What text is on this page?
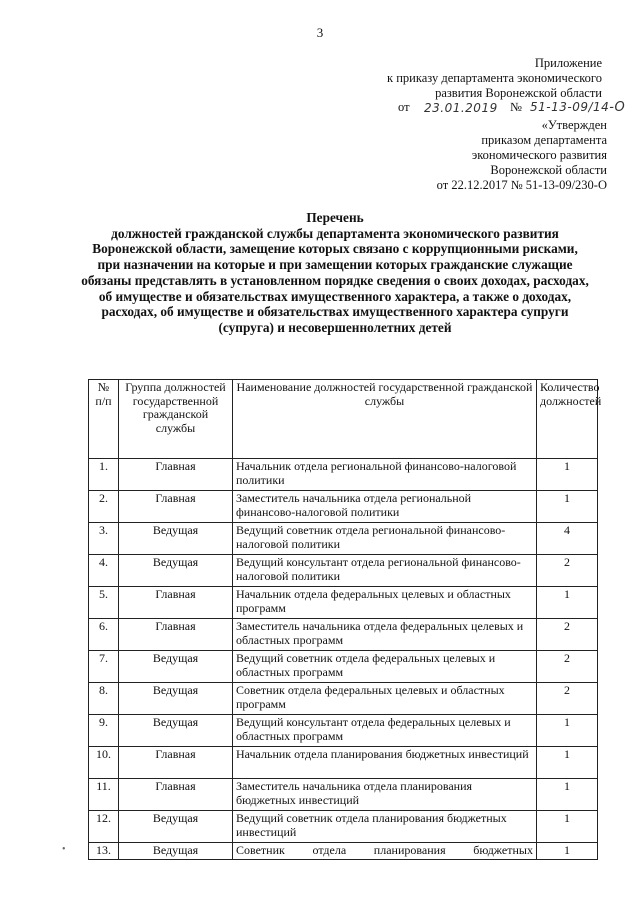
3
Приложение
к приказу департамента экономического
развития Воронежской области
от 23.01.2019 № 51-13-09/14-О
«Утвержден
приказом департамента
экономического развития
Воронежской области
от 22.12.2017 № 51-13-09/230-О
Перечень
должностей гражданской службы департамента экономического развития Воронежской области, замещение которых связано с коррупционными рисками, при назначении на которые и при замещении которых гражданские служащие обязаны представлять в установленном порядке сведения о своих доходах, расходах, об имуществе и обязательствах имущественного характера, а также о доходах, расходах, об имуществе и обязательствах имущественного характера супруги (супруга) и несовершеннолетних детей
№ п/п	Группа должностей государственной гражданской службы	Наименование должностей государственной гражданской службы	Количество должностей
1.	Главная	Начальник отдела региональной финансово-налоговой политики	1
2.	Главная	Заместитель начальника отдела региональной финансово-налоговой политики	1
3.	Ведущая	Ведущий советник отдела региональной финансово-налоговой политики	4
4.	Ведущая	Ведущий консультант отдела региональной финансово-налоговой политики	2
5.	Главная	Начальник отдела федеральных целевых и областных программ	1
6.	Главная	Заместитель начальника отдела федеральных целевых и областных программ	2
7.	Ведущая	Ведущий советник отдела федеральных целевых и областных программ	2
8.	Ведущая	Советник отдела федеральных целевых и областных программ	2
9.	Ведущая	Ведущий консультант отдела федеральных целевых и областных программ	1
10.	Главная	Начальник отдела планирования бюджетных инвестиций	1
11.	Главная	Заместитель начальника отдела планирования бюджетных инвестиций	1
12.	Ведущая	Ведущий советник отдела планирования бюджетных инвестиций	1
13.	Ведущая	Советник отдела планирования бюджетных	1
•
